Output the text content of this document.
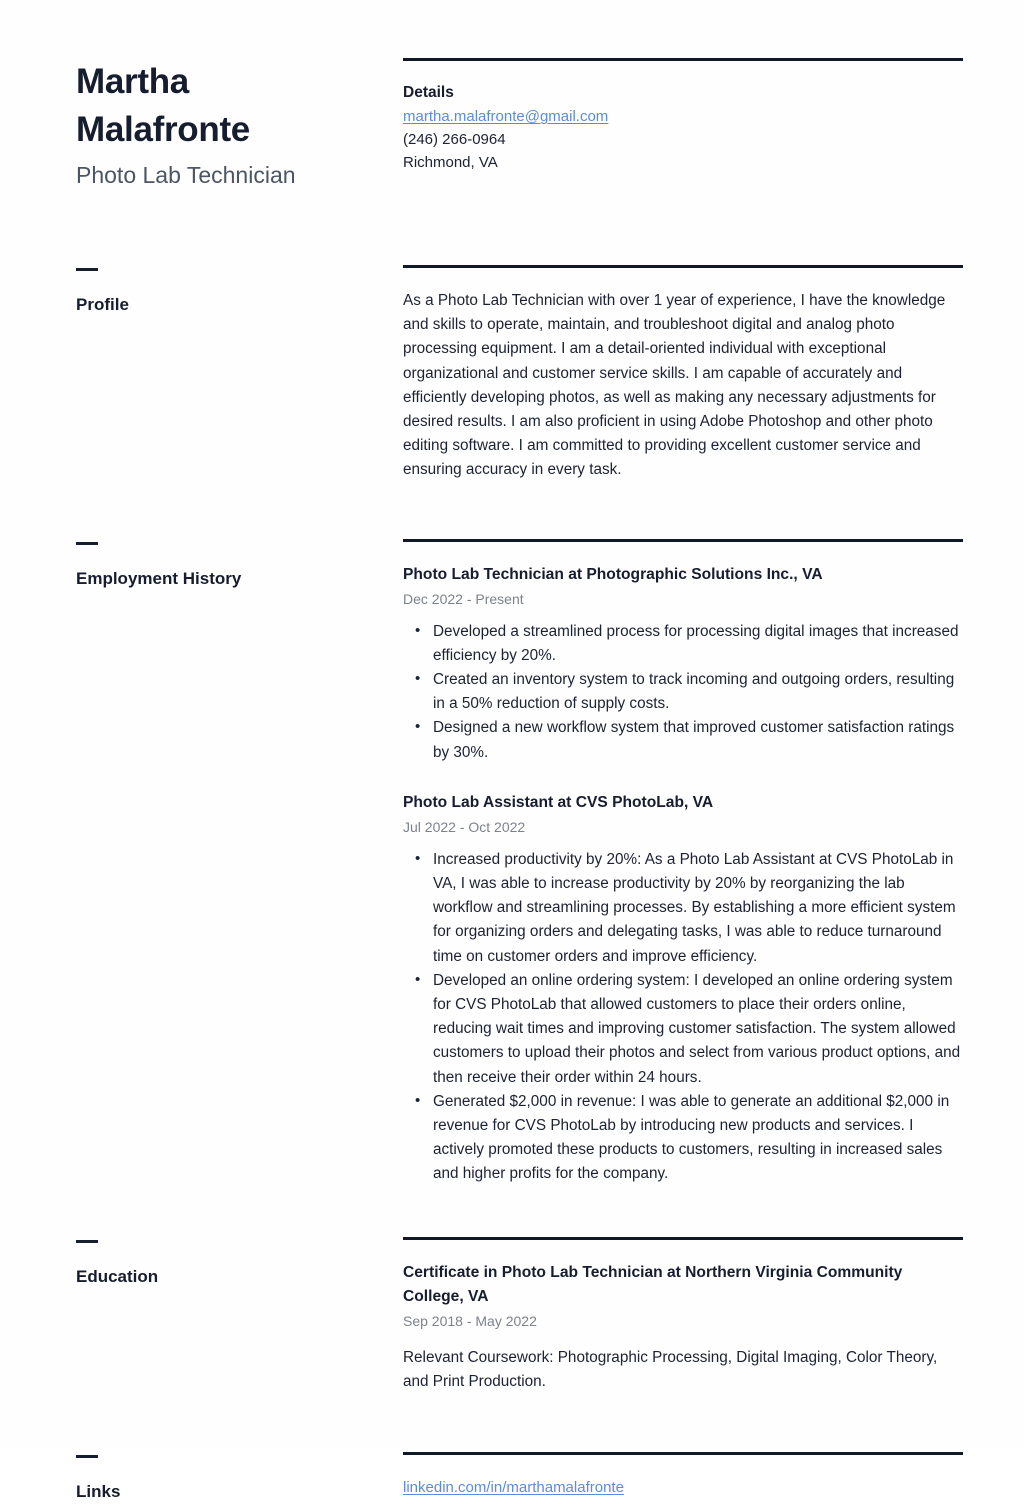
Martha Malafronte
Photo Lab Technician
Details
martha.malafronte@gmail.com
(246) 266-0964
Richmond, VA
Profile	As a Photo Lab Technician with over 1 year of experience, I have the knowledge and skills to operate, maintain, and troubleshoot digital and analog photo processing equipment. I am a detail-oriented individual with exceptional organizational and customer service skills. I am capable of accurately and efficiently developing photos, as well as making any necessary adjustments for desired results. I am also proficient in using Adobe Photoshop and other photo editing software. I am committed to providing excellent customer service and ensuring accuracy in every task.
Employment History	Photo Lab Technician at Photographic Solutions Inc., VA
Dec 2022 - Present
• Developed a streamlined process for processing digital images that increased efficiency by 20%.
• Created an inventory system to track incoming and outgoing orders, resulting in a 50% reduction of supply costs.
• Designed a new workflow system that improved customer satisfaction ratings by 30%.
Photo Lab Assistant at CVS PhotoLab, VA
Jul 2022 - Oct 2022
• Increased productivity by 20%: As a Photo Lab Assistant at CVS PhotoLab in VA, I was able to increase productivity by 20% by reorganizing the lab workflow and streamlining processes. By establishing a more efficient system for organizing orders and delegating tasks, I was able to reduce turnaround time on customer orders and improve efficiency.
• Developed an online ordering system: I developed an online ordering system for CVS PhotoLab that allowed customers to place their orders online, reducing wait times and improving customer satisfaction. The system allowed customers to upload their photos and select from various product options, and then receive their order within 24 hours.
• Generated $2,000 in revenue: I was able to generate an additional $2,000 in revenue for CVS PhotoLab by introducing new products and services. I actively promoted these products to customers, resulting in increased sales and higher profits for the company.
Education	Certificate in Photo Lab Technician at Northern Virginia Community College, VA
Sep 2018 - May 2022
Relevant Coursework: Photographic Processing, Digital Imaging, Color Theory, and Print Production.
Links	linkedin.com/in/marthamalafronte
